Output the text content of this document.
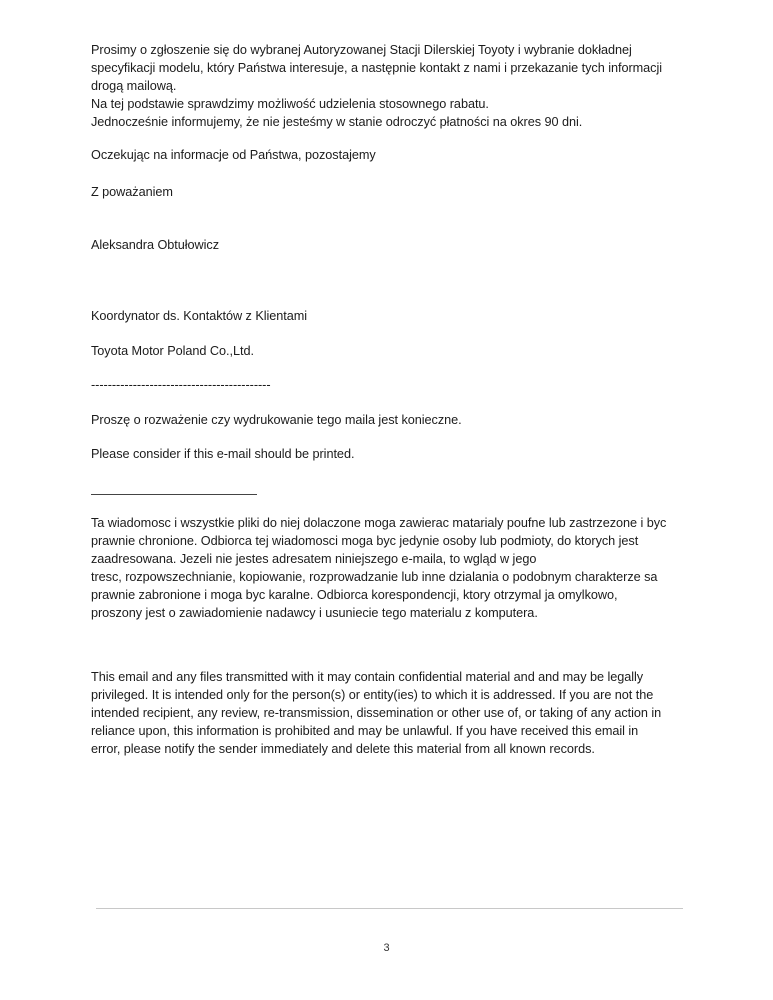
Prosimy o zgłoszenie się do wybranej Autoryzowanej Stacji Dilerskiej Toyoty i wybranie dokładnej
specyfikacji modelu, który Państwa interesuje, a następnie kontakt z nami i przekazanie tych informacji
drogą mailową.
Na tej podstawie sprawdzimy możliwość udzielenia stosownego rabatu.
Jednocześnie informujemy, że nie jesteśmy w stanie odroczyć płatności na okres 90 dni.
Oczekując na informacje od Państwa, pozostajemy
Z poważaniem
Aleksandra Obtułowicz
Koordynator ds. Kontaktów z Klientami
Toyota Motor Poland Co.,Ltd.
-------------------------------------------
Proszę o rozważenie czy wydrukowanie tego maila jest konieczne.
Please consider if this e-mail should be printed.
Ta wiadomosc i wszystkie pliki do niej dolaczone moga zawierac matarialy poufne lub zastrzezone i byc
prawnie chronione. Odbiorca tej wiadomosci moga byc jedynie osoby lub podmioty, do ktorych jest
zaadresowana. Jezeli nie jestes adresatem niniejszego e-maila, to wgląd w jego
tresc, rozpowszechnianie, kopiowanie, rozprowadzanie lub inne dzialania o podobnym charakterze sa
prawnie zabronione i moga byc karalne. Odbiorca korespondencji, ktory otrzymal ja omylkowo,
proszony jest o zawiadomienie nadawcy i usuniecie tego materialu z komputera.
This email and any files transmitted with it may contain confidential material and and may be legally
privileged. It is intended only for the person(s) or entity(ies) to which it is addressed. If you are not the
intended recipient, any review, re-transmission, dissemination or other use of, or taking of any action in
reliance upon, this information is prohibited and may be unlawful. If you have received this email in
error, please notify the sender immediately and delete this material from all known records.
3
